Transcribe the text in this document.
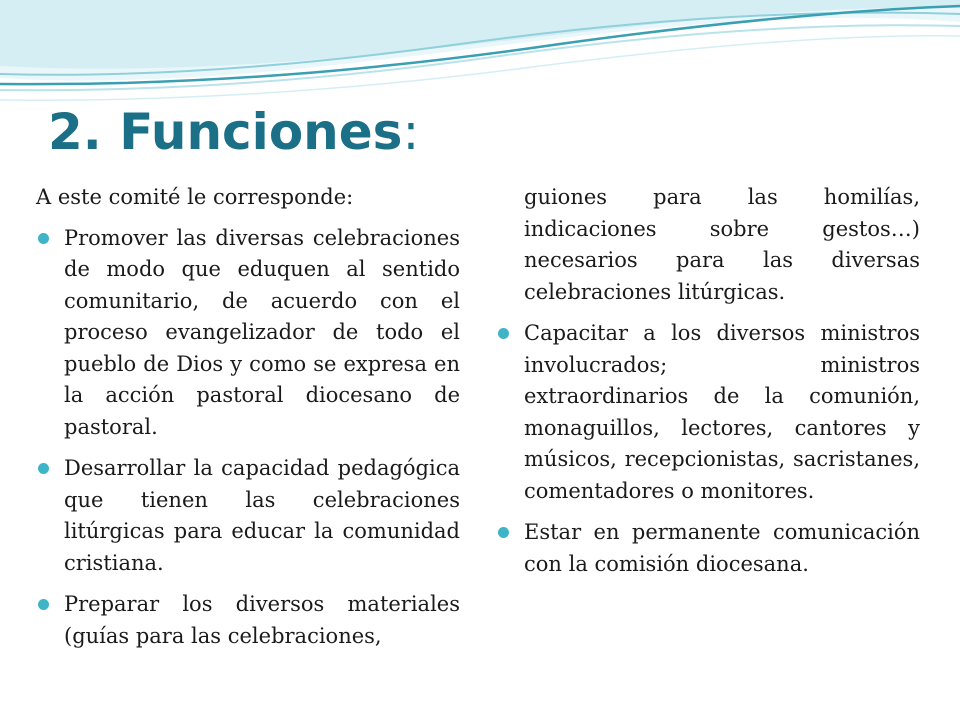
2. Funciones:

A este comité le corresponde:

Promover las diversas celebraciones de modo que eduquen al sentido comunitario, de acuerdo con el proceso evangelizador de todo el pueblo de Dios y como se expresa en la acción pastoral diocesano de pastoral.
Desarrollar la capacidad pedagógica que tienen las celebraciones litúrgicas para educar la comunidad cristiana.
Preparar los diversos materiales (guías para las celebraciones,

guiones para las homilías, indicaciones sobre gestos…) necesarios para las diversas celebraciones litúrgicas.

Capacitar a los diversos ministros involucrados; ministros extraordinarios de la comunión, monaguillos, lectores, cantores y músicos, recepcionistas, sacristanes, comentadores o monitores.
Estar en permanente comunicación con la comisión diocesana.
